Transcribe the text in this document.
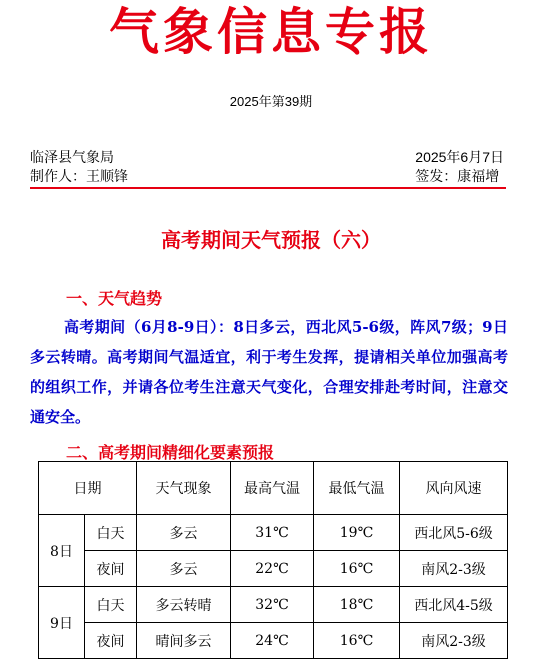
气象信息专报
2025年第39期
临泽县气象局
制作人：王顺锋
2025年6月7日
签发：康福增
高考期间天气预报（六）
一、天气趋势
高考期间（6月8-9日）：8日多云，西北风5-6级，阵风7级；9日多云转晴。高考期间气温适宜，利于考生发挥，提请相关单位加强高考的组织工作，并请各位考生注意天气变化，合理安排赴考时间，注意交通安全。
二、高考期间精细化要素预报
日期		天气现象	最高气温	最低气温	风向风速
8日	白天	多云	31℃	19℃	西北风5-6级
	夜间	多云	22℃	16℃	南风2-3级
9日	白天	多云转晴	32℃	18℃	西北风4-5级
	夜间	晴间多云	24℃	16℃	南风2-3级
